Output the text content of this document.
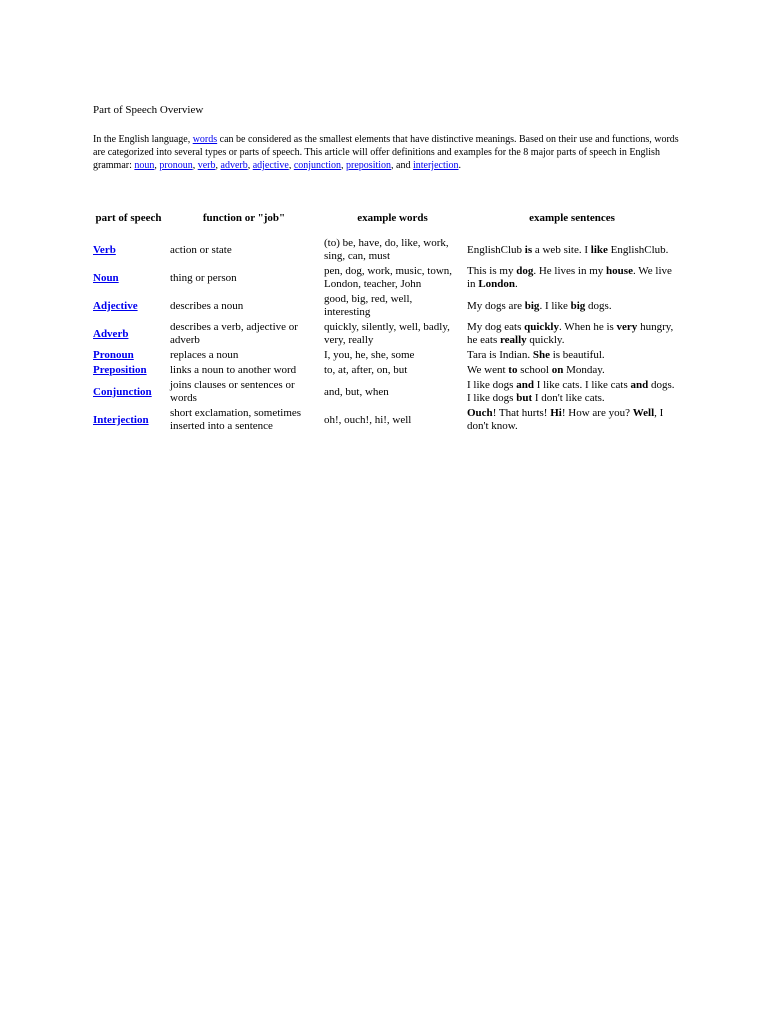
Part of Speech Overview
In the English language, words can be considered as the smallest elements that have distinctive meanings. Based on their use and functions, words are categorized into several types or parts of speech. This article will offer definitions and examples for the 8 major parts of speech in English grammar: noun, pronoun, verb, adverb, adjective, conjunction, preposition, and interjection.
part of speech	function or "job"	example words	example sentences
Verb	action or state	(to) be, have, do, like, work, sing, can, must	EnglishClub is a web site. I like EnglishClub.
Noun	thing or person	pen, dog, work, music, town, London, teacher, John	This is my dog. He lives in my house. We live in London.
Adjective	describes a noun	good, big, red, well, interesting	My dogs are big. I like big dogs.
Adverb	describes a verb, adjective or adverb	quickly, silently, well, badly, very, really	My dog eats quickly. When he is very hungry, he eats really quickly.
Pronoun	replaces a noun	I, you, he, she, some	Tara is Indian. She is beautiful.
Preposition	links a noun to another word	to, at, after, on, but	We went to school on Monday.
Conjunction	joins clauses or sentences or words	and, but, when	I like dogs and I like cats. I like cats and dogs. I like dogs but I don't like cats.
Interjection	short exclamation, sometimes inserted into a sentence	oh!, ouch!, hi!, well	Ouch! That hurts! Hi! How are you? Well, I don't know.
